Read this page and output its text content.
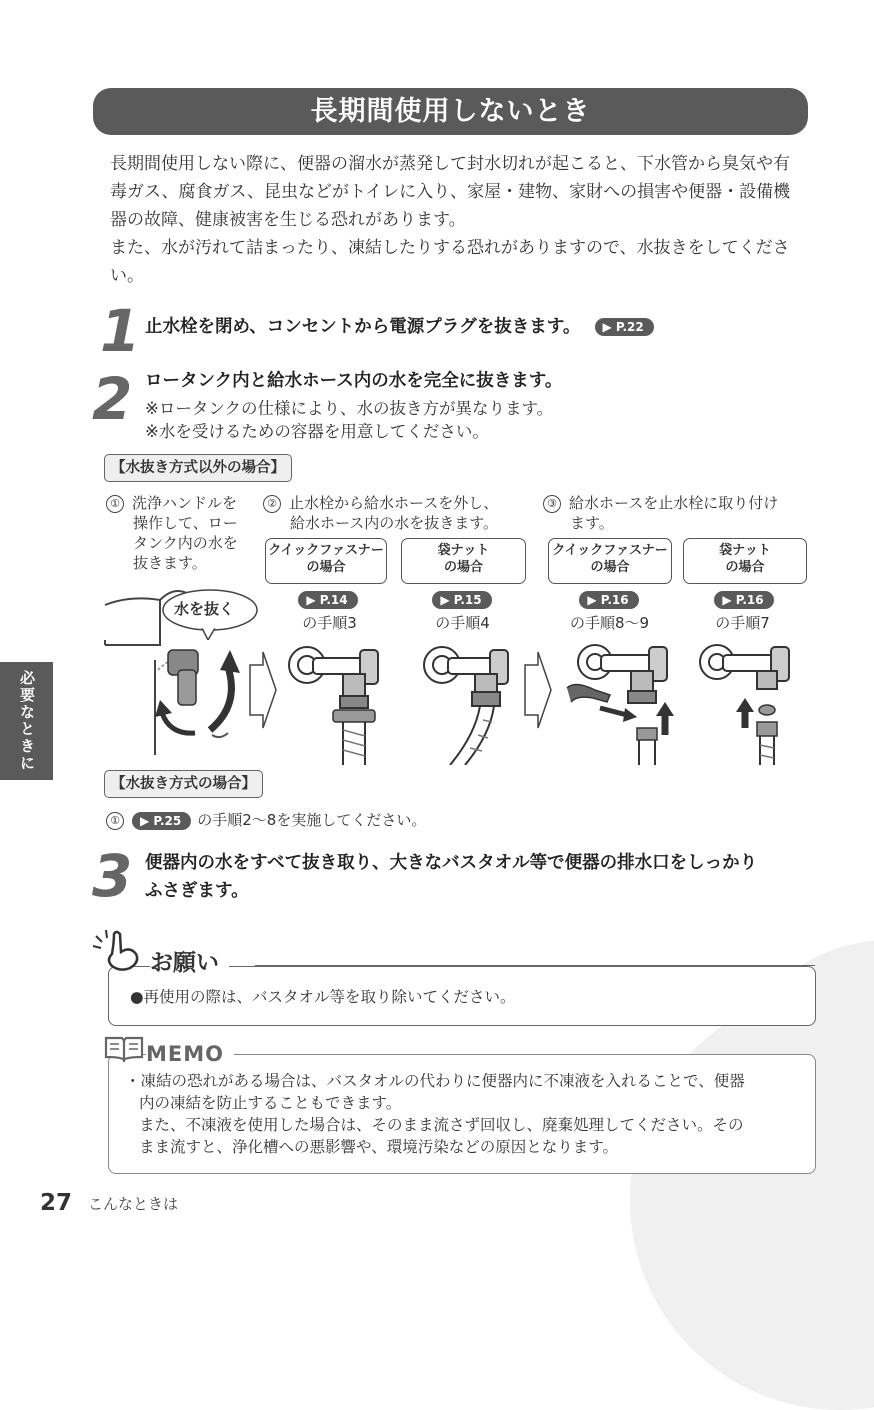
長期間使用しないとき

長期間使用しない際に、便器の溜水が蒸発して封水切れが起こると、下水管から臭気や有毒ガス、腐食ガス、昆虫などがトイレに入り、家屋・建物、家財への損害や便器・設備機器の故障、健康被害を生じる恐れがあります。

また、水が汚れて詰まったり、凍結したりする恐れがありますので、水抜きをしてください。

1 止水栓を閉め、コンセントから電源プラグを抜きます。 ▶ P.22
2 ロータンク内と給水ホース内の水を完全に抜きます。
※ロータンクの仕様により、水の抜き方が異なります。
※水を受けるための容器を用意してください。
【水抜き方式以外の場合】
① 洗浄ハンドルを
操作して、ロー
タンク内の水を
抜きます。
② 止水栓から給水ホースを外し、
給水ホース内の水を抜きます。
③ 給水ホースを止水栓に取り付け
ます。
クイックファスナー
の場合
袋ナット
の場合
クイックファスナー
の場合
袋ナット
の場合
▶ P.14	▶ P.15	▶ P.16	▶ P.16
の手順3	の手順4	の手順8～9	の手順7
水を抜く
【水抜き方式の場合】
① ▶ P.25 の手順2～8を実施してください。
3 便器内の水をすべて抜き取り、大きなバスタオル等で便器の排水口をしっかり
ふさぎます。
必要なときに
お願い
●再使用の際は、バスタオル等を取り除いてください。
MEMO

・凍結の恐れがある場合は、バスタオルの代わりに便器内に不凍液を入れることで、便器

内の凍結を防止することもできます。

また、不凍液を使用した場合は、そのまま流さず回収し、廃棄処理してください。その

まま流すと、浄化槽への悪影響や、環境汚染などの原因となります。

27 こんなときは
